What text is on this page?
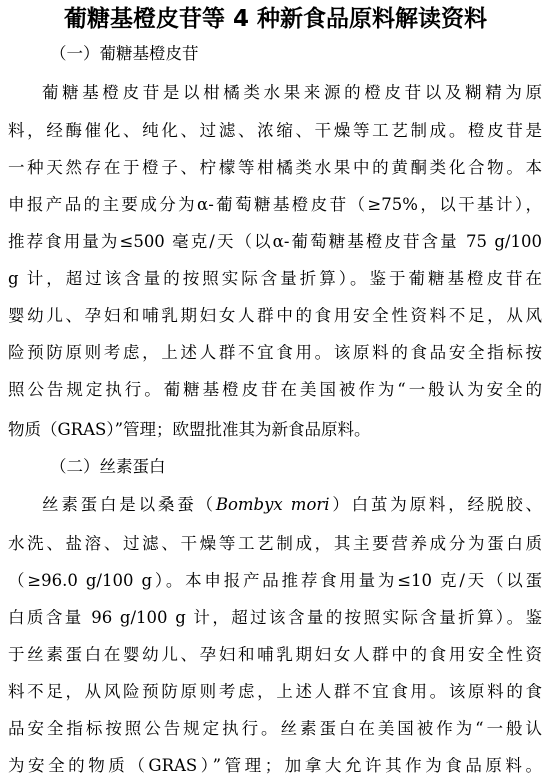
葡糖基橙皮苷等 4 种新食品原料解读资料
（一）葡糖基橙皮苷
葡糖基橙皮苷是以柑橘类水果来源的橙皮苷以及糊精为原
料，经酶催化、纯化、过滤、浓缩、干燥等工艺制成。橙皮苷是
一种天然存在于橙子、柠檬等柑橘类水果中的黄酮类化合物。本
申报产品的主要成分为α-葡萄糖基橙皮苷（≥75%，以干基计），
推荐食用量为≤500 毫克/天（以α-葡萄糖基橙皮苷含量 75 g/100
g 计，超过该含量的按照实际含量折算）。鉴于葡糖基橙皮苷在
婴幼儿、孕妇和哺乳期妇女人群中的食用安全性资料不足，从风
险预防原则考虑，上述人群不宜食用。该原料的食品安全指标按
照公告规定执行。葡糖基橙皮苷在美国被作为“一般认为安全的
物质（GRAS）”管理；欧盟批准其为新食品原料。
（二）丝素蛋白
丝素蛋白是以桑蚕（Bombyx mori）白茧为原料，经脱胶、
水洗、盐溶、过滤、干燥等工艺制成，其主要营养成分为蛋白质
（≥96.0 g/100 g）。本申报产品推荐食用量为≤10 克/天（以蛋
白质含量 96 g/100 g 计，超过该含量的按照实际含量折算）。鉴
于丝素蛋白在婴幼儿、孕妇和哺乳期妇女人群中的食用安全性资
料不足，从风险预防原则考虑，上述人群不宜食用。该原料的食
品安全指标按照公告规定执行。丝素蛋白在美国被作为“一般认
为安全的物质（GRAS）”管理；加拿大允许其作为食品原料。
